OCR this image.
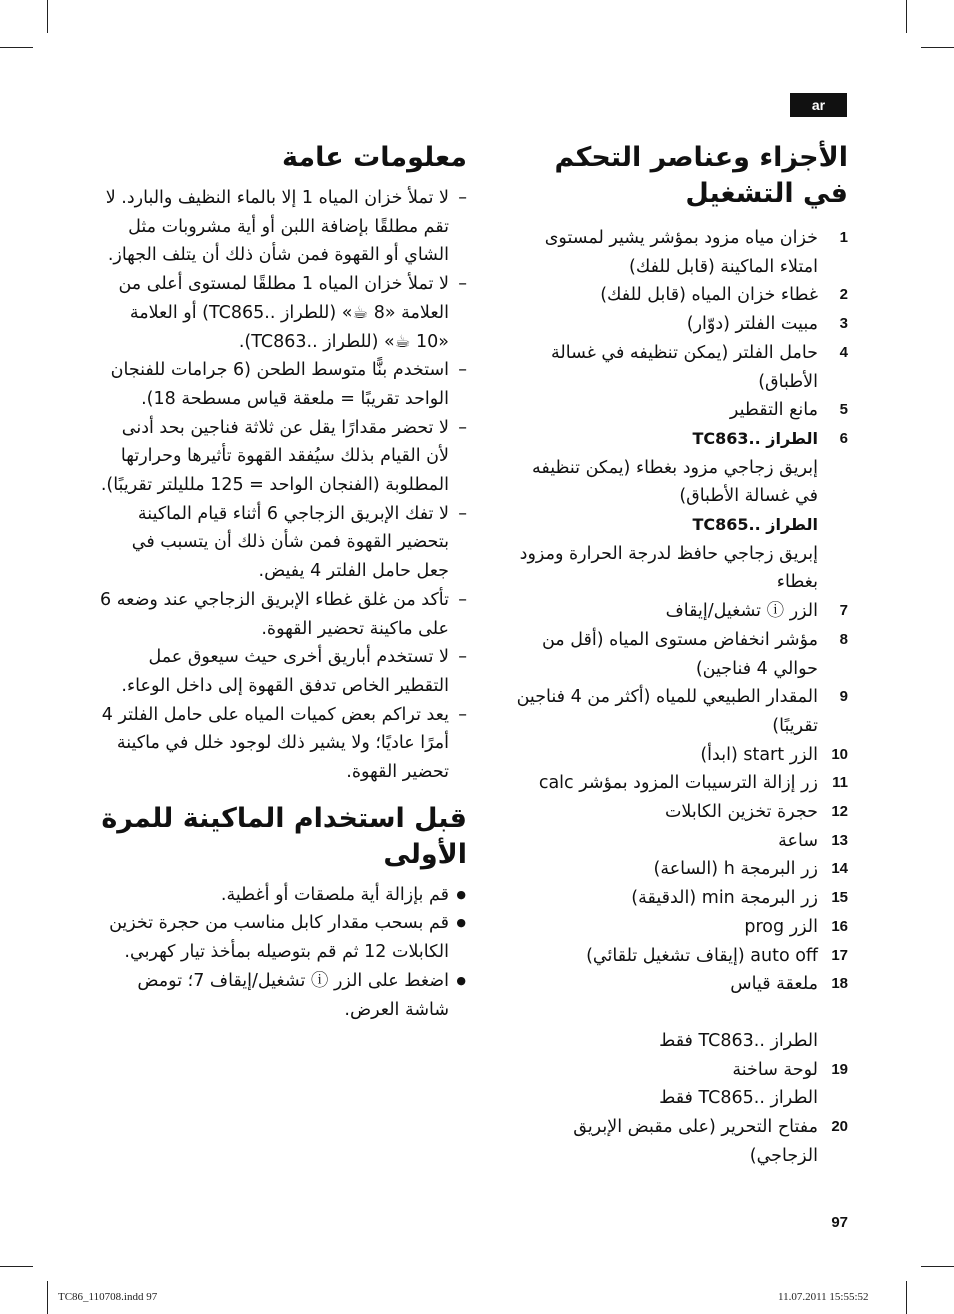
ar
الأجزاء وعناصر التحكم في التشغيل
1
خزان مياه مزود بمؤشر يشير لمستوى امتلاء الماكينة (قابل للفك)
2
غطاء خزان المياه (قابل للفك)
3
مبيت الفلتر (دوّار)
4
حامل الفلتر (يمكن تنظيفه في غسالة الأطباق)
5
مانع التقطير
6
الطراز ..TC863
إبريق زجاجي مزود بغطاء (يمكن تنظيفه في غسالة الأطباق)
الطراز ..TC865
إبريق زجاجي حافظ لدرجة الحرارة ومزود بغطاء
7
الزر ⓘ تشغيل/إيقاف
8
مؤشر انخفاض مستوى المياه (أقل من حوالي 4 فناجين)
9
المقدار الطبيعي للمياه (أكثر من 4 فناجين تقريبًا)
10
الزر start (ابدأ)
11
زر إزالة الترسيبات المزود بمؤشر calc
12
حجرة تخزين الكابلات
13
ساعة
14
زر البرمجة h (الساعة)
15
زر البرمجة min (الدقيقة)
16
الزر prog
17
auto off (إيقاف تشغيل تلقائي)
18
ملعقة قياس
الطراز ..TC863 فقط
19
لوحة ساخنة
الطراز ..TC865 فقط
20
مفتاح التحرير (على مقبض الإبريق الزجاجي)
معلومات عامة
– لا تملأ خزان المياه 1 إلا بالماء النظيف والبارد. لا تقم مطلقًا بإضافة اللبن أو أية مشروبات مثل الشاي أو القهوة فمن شأن ذلك أن يتلف الجهاز.
– لا تملأ خزان المياه 1 مطلقًا لمستوى أعلى من العلامة «8 ☕» (للطراز ..TC865) أو العلامة «10 ☕» (للطراز ..TC863).
– استخدم بنًّا متوسط الطحن (6 جرامات للفنجان الواحد تقريبًا = ملعقة قياس مسطحة 18).
– لا تحضر مقدارًا يقل عن ثلاثة فناجين بحد أدنى لأن القيام بذلك سيُفقد القهوة تأثيرها وحرارتها المطلوبة (الفنجان الواحد = 125 ملليلتر تقريبًا).
– لا تفك الإبريق الزجاجي 6 أثناء قيام الماكينة بتحضير القهوة فمن شأن ذلك أن يتسبب في جعل حامل الفلتر 4 يفيض.
– تأكد من غلق غطاء الإبريق الزجاجي عند وضعه 6 على ماكينة تحضير القهوة.
– لا تستخدم أباريق أخرى حيث سيعوق عمل التقطير الخاص تدفق القهوة إلى داخل الوعاء.
– يعد تراكم بعض كميات المياه على حامل الفلتر 4 أمرًا عاديًا؛ ولا يشير ذلك لوجود خلل في ماكينة تحضير القهوة.
قبل استخدام الماكينة للمرة الأولى
● قم بإزالة أية ملصقات أو أغطية.
● قم بسحب مقدار كابل مناسب من حجرة تخزين الكابلات 12 ثم قم بتوصيله بمأخذ تيار كهربي.
● اضغط على الزر ⓘ تشغيل/إيقاف 7؛ تومض شاشة العرض.
97
TC86_110708.indd 97	11.07.2011 15:55:52
